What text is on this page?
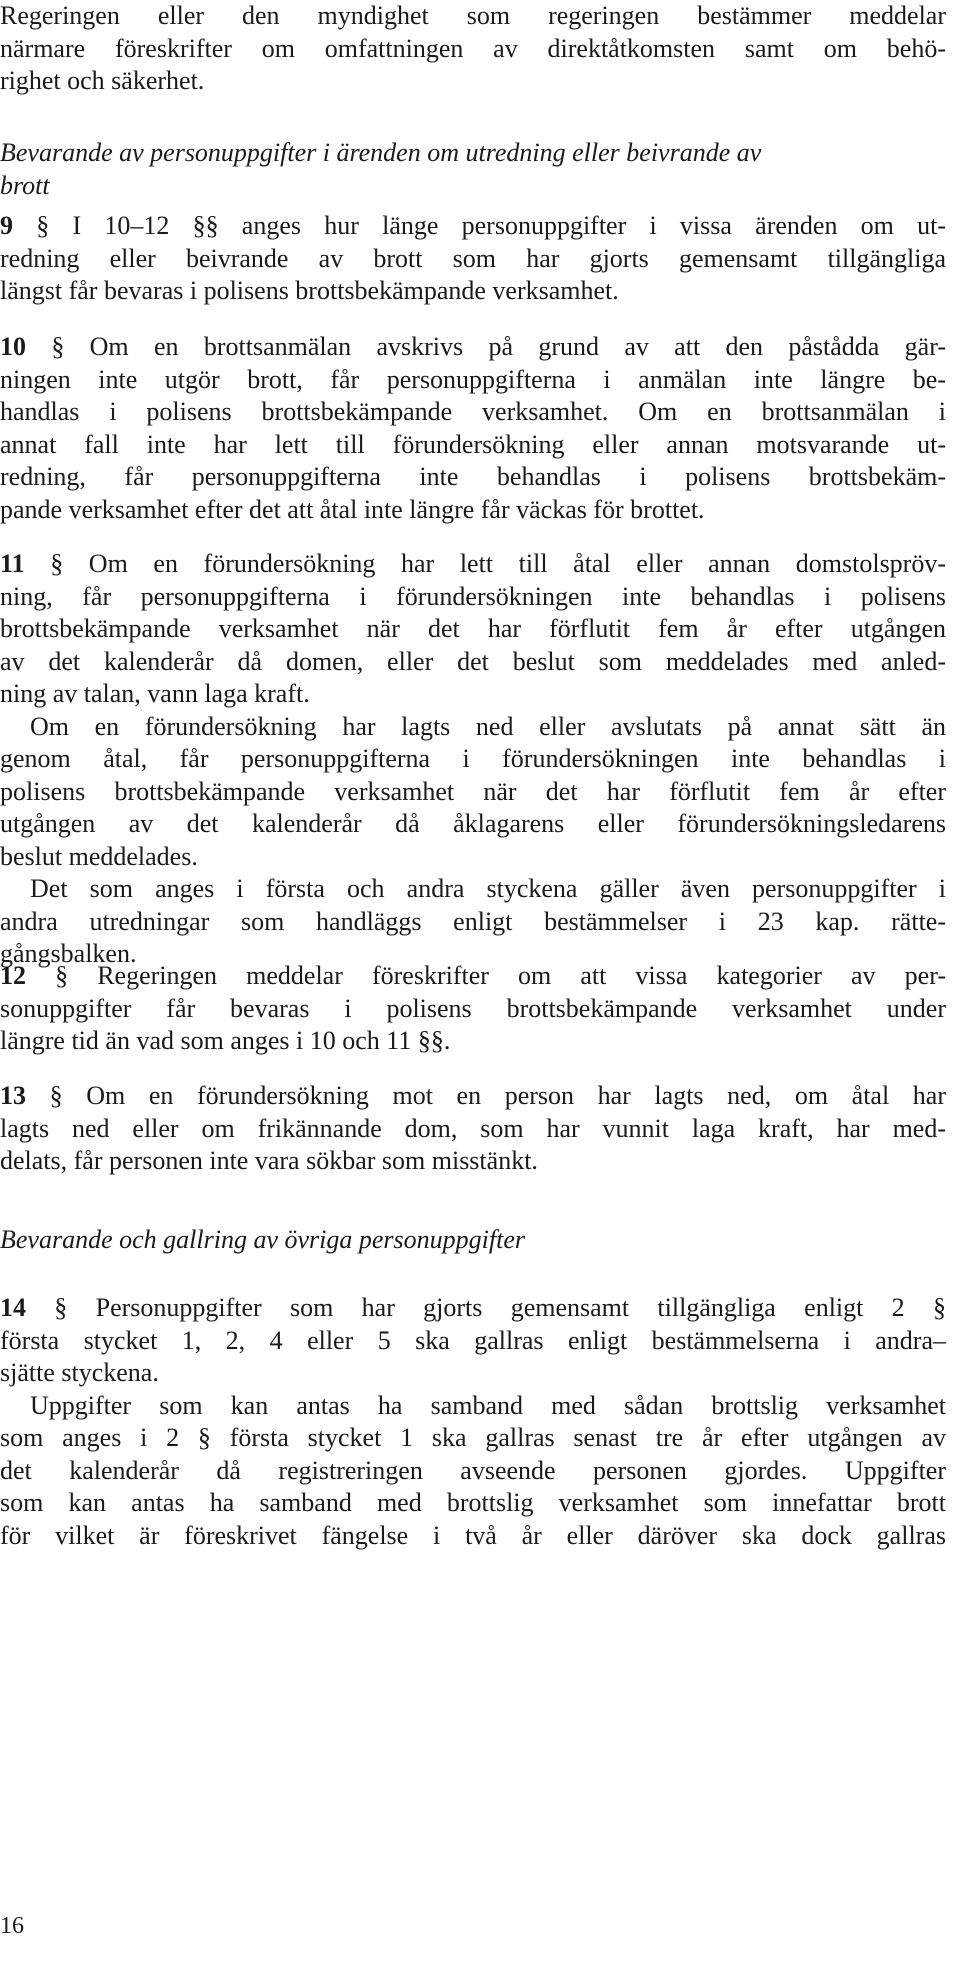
Regeringen eller den myndighet som regeringen bestämmer meddelar
närmare föreskrifter om omfattningen av direktåtkomsten samt om behö-
righet och säkerhet.
Bevarande av personuppgifter i ärenden om utredning eller beivrande av
brott
9 § I 10–12 §§ anges hur länge personuppgifter i vissa ärenden om ut-
redning eller beivrande av brott som har gjorts gemensamt tillgängliga
längst får bevaras i polisens brottsbekämpande verksamhet.
10 § Om en brottsanmälan avskrivs på grund av att den påstådda gär-
ningen inte utgör brott, får personuppgifterna i anmälan inte längre be-
handlas i polisens brottsbekämpande verksamhet. Om en brottsanmälan i
annat fall inte har lett till förundersökning eller annan motsvarande ut-
redning, får personuppgifterna inte behandlas i polisens brottsbekäm-
pande verksamhet efter det att åtal inte längre får väckas för brottet.
11 § Om en förundersökning har lett till åtal eller annan domstolspröv-
ning, får personuppgifterna i förundersökningen inte behandlas i polisens
brottsbekämpande verksamhet när det har förflutit fem år efter utgången
av det kalenderår då domen, eller det beslut som meddelades med anled-
ning av talan, vann laga kraft.
Om en förundersökning har lagts ned eller avslutats på annat sätt än
genom åtal, får personuppgifterna i förundersökningen inte behandlas i
polisens brottsbekämpande verksamhet när det har förflutit fem år efter
utgången av det kalenderår då åklagarens eller förundersökningsledarens
beslut meddelades.
Det som anges i första och andra styckena gäller även personuppgifter i
andra utredningar som handläggs enligt bestämmelser i 23 kap. rätte-
gångsbalken.
12 § Regeringen meddelar föreskrifter om att vissa kategorier av per-
sonuppgifter får bevaras i polisens brottsbekämpande verksamhet under
längre tid än vad som anges i 10 och 11 §§.
13 § Om en förundersökning mot en person har lagts ned, om åtal har
lagts ned eller om frikännande dom, som har vunnit laga kraft, har med-
delats, får personen inte vara sökbar som misstänkt.
Bevarande och gallring av övriga personuppgifter
14 § Personuppgifter som har gjorts gemensamt tillgängliga enligt 2 §
första stycket 1, 2, 4 eller 5 ska gallras enligt bestämmelserna i andra–
sjätte styckena.
Uppgifter som kan antas ha samband med sådan brottslig verksamhet
som anges i 2 § första stycket 1 ska gallras senast tre år efter utgången av
det kalenderår då registreringen avseende personen gjordes. Uppgifter
som kan antas ha samband med brottslig verksamhet som innefattar brott
för vilket är föreskrivet fängelse i två år eller däröver ska dock gallras
16
